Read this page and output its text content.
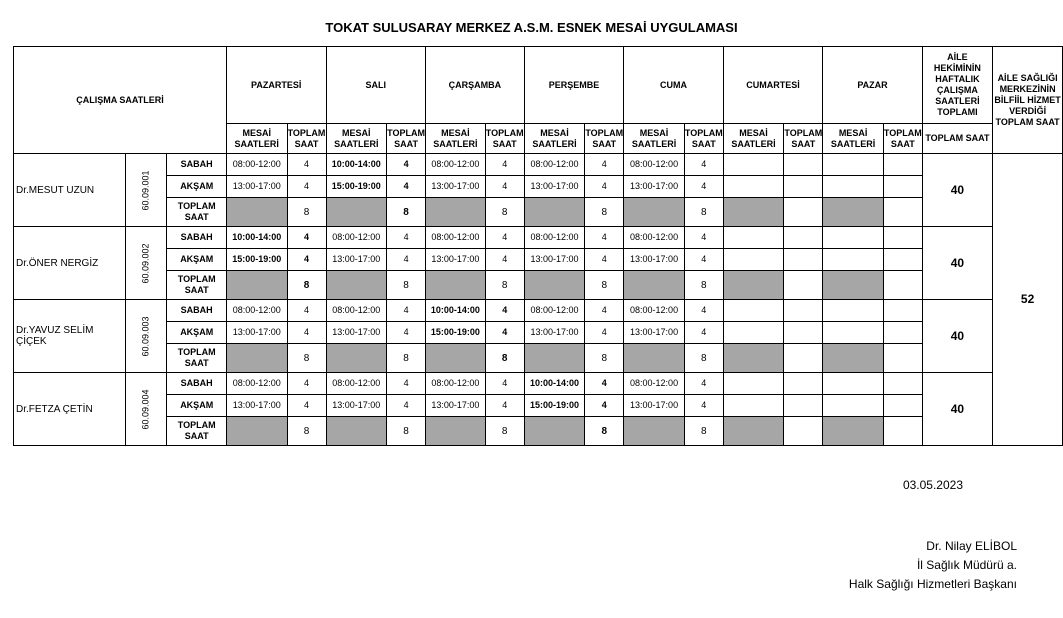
TOKAT SULUSARAY MERKEZ A.S.M. ESNEK MESAİ UYGULAMASI
ÇALIŞMA SAATLERİ			PAZARTESİ		SALI		ÇARŞAMBA		PERŞEMBE		CUMA		CUMARTESİ		PAZAR		AİLE HEKİMİNİN HAFTALIK ÇALIŞMA SAATLERİ TOPLAMI	AİLE SAĞLIĞI MERKEZİNİN BİLFİİL HİZMET VERDİĞİ TOPLAM SAAT
			MESAİ SAATLERİ	TOPLAM SAAT	MESAİ SAATLERİ	TOPLAM SAAT	MESAİ SAATLERİ	TOPLAM SAAT	MESAİ SAATLERİ	TOPLAM SAAT	MESAİ SAATLERİ	TOPLAM SAAT	MESAİ SAATLERİ	TOPLAM SAAT	MESAİ SAATLERİ	TOPLAM SAAT	TOPLAM SAAT	
Dr.MESUT UZUN	60.09.001	SABAH	08:00-12:00	4	10:00-14:00	4	08:00-12:00	4	08:00-12:00	4	08:00-12:00	4					40	52
		AKŞAM	13:00-17:00	4	15:00-19:00	4	13:00-17:00	4	13:00-17:00	4	13:00-17:00	4						
		TOPLAM SAAT		8		8		8		8		8						
Dr.ÖNER NERGİZ	60.09.002	SABAH	10:00-14:00	4	08:00-12:00	4	08:00-12:00	4	08:00-12:00	4	08:00-12:00	4					40	
		AKŞAM	15:00-19:00	4	13:00-17:00	4	13:00-17:00	4	13:00-17:00	4	13:00-17:00	4						
		TOPLAM SAAT		8		8		8		8		8						
Dr.YAVUZ SELİM ÇİÇEK	60.09.003	SABAH	08:00-12:00	4	08:00-12:00	4	10:00-14:00	4	08:00-12:00	4	08:00-12:00	4					40	
		AKŞAM	13:00-17:00	4	13:00-17:00	4	15:00-19:00	4	13:00-17:00	4	13:00-17:00	4						
		TOPLAM SAAT		8		8		8		8		8						
Dr.FETZA ÇETİN	60.09.004	SABAH	08:00-12:00	4	08:00-12:00	4	08:00-12:00	4	10:00-14:00	4	08:00-12:00	4					40	
		AKŞAM	13:00-17:00	4	13:00-17:00	4	13:00-17:00	4	15:00-19:00	4	13:00-17:00	4						
		TOPLAM SAAT		8		8		8		8		8						
03.05.2023
Dr. Nilay ELİBOL
İl Sağlık Müdürü a.
Halk Sağlığı Hizmetleri Başkanı
